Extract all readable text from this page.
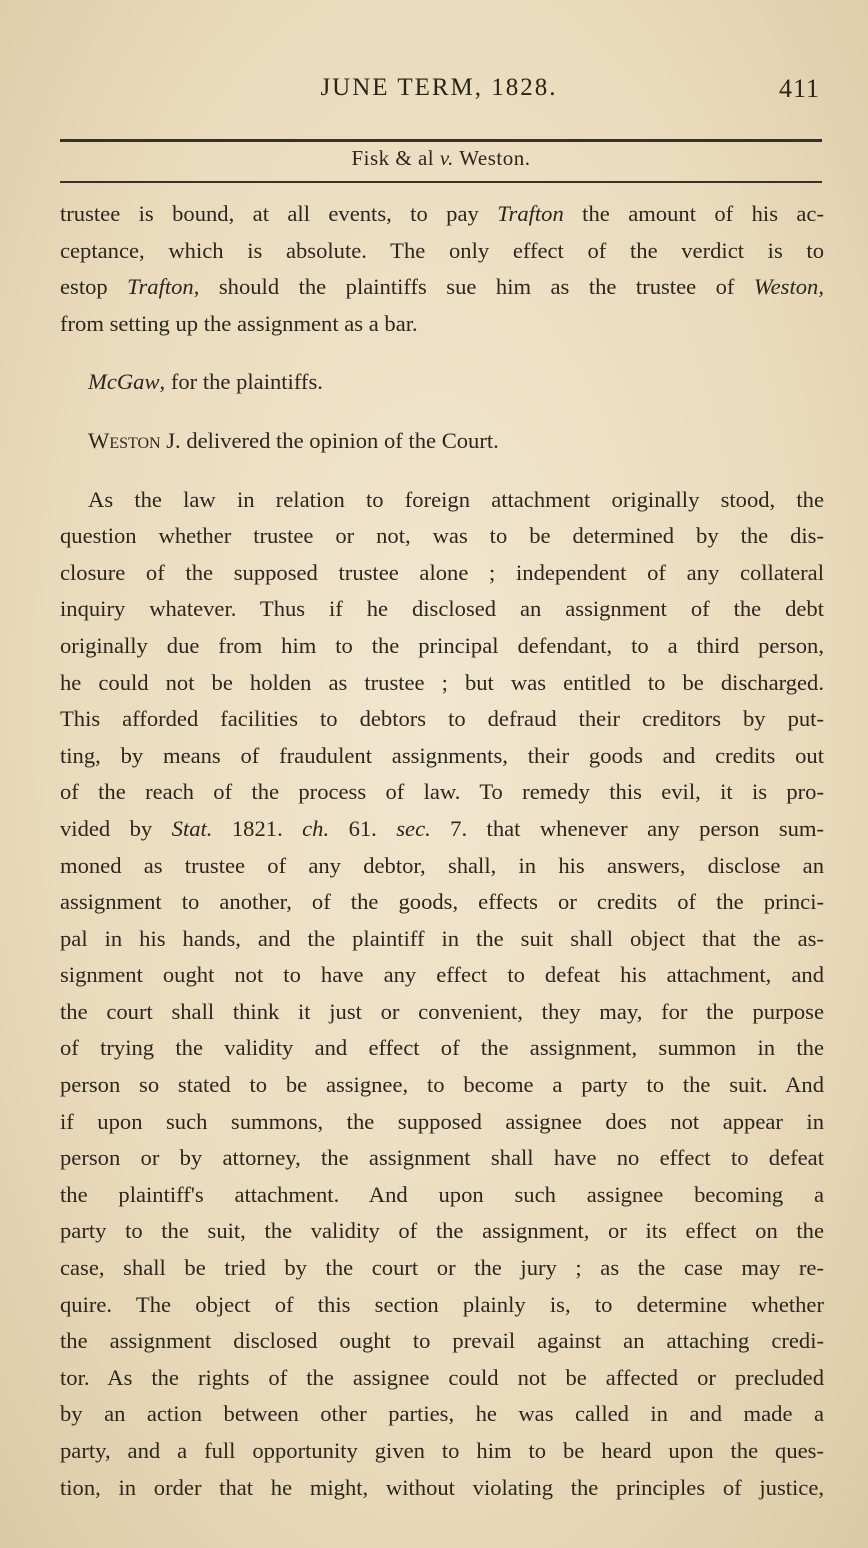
JUNE TERM, 1828.	411
Fisk & al v. Weston.
trustee is bound, at all events, to pay Trafton the amount of his ac-
ceptance, which is absolute. The only effect of the verdict is to
estop Trafton, should the plaintiffs sue him as the trustee of Weston,
from setting up the assignment as a bar.
McGaw, for the plaintiffs.
Weston J. delivered the opinion of the Court.
As the law in relation to foreign attachment originally stood, the
question whether trustee or not, was to be determined by the dis-
closure of the supposed trustee alone ; independent of any collateral
inquiry whatever. Thus if he disclosed an assignment of the debt
originally due from him to the principal defendant, to a third person,
he could not be holden as trustee ; but was entitled to be discharged.
This afforded facilities to debtors to defraud their creditors by put-
ting, by means of fraudulent assignments, their goods and credits out
of the reach of the process of law. To remedy this evil, it is pro-
vided by Stat. 1821. ch. 61. sec. 7. that whenever any person sum-
moned as trustee of any debtor, shall, in his answers, disclose an
assignment to another, of the goods, effects or credits of the princi-
pal in his hands, and the plaintiff in the suit shall object that the as-
signment ought not to have any effect to defeat his attachment, and
the court shall think it just or convenient, they may, for the purpose
of trying the validity and effect of the assignment, summon in the
person so stated to be assignee, to become a party to the suit. And
if upon such summons, the supposed assignee does not appear in
person or by attorney, the assignment shall have no effect to defeat
the plaintiff's attachment. And upon such assignee becoming a
party to the suit, the validity of the assignment, or its effect on the
case, shall be tried by the court or the jury ; as the case may re-
quire. The object of this section plainly is, to determine whether
the assignment disclosed ought to prevail against an attaching credi-
tor. As the rights of the assignee could not be affected or precluded
by an action between other parties, he was called in and made a
party, and a full opportunity given to him to be heard upon the ques-
tion, in order that he might, without violating the principles of justice,
